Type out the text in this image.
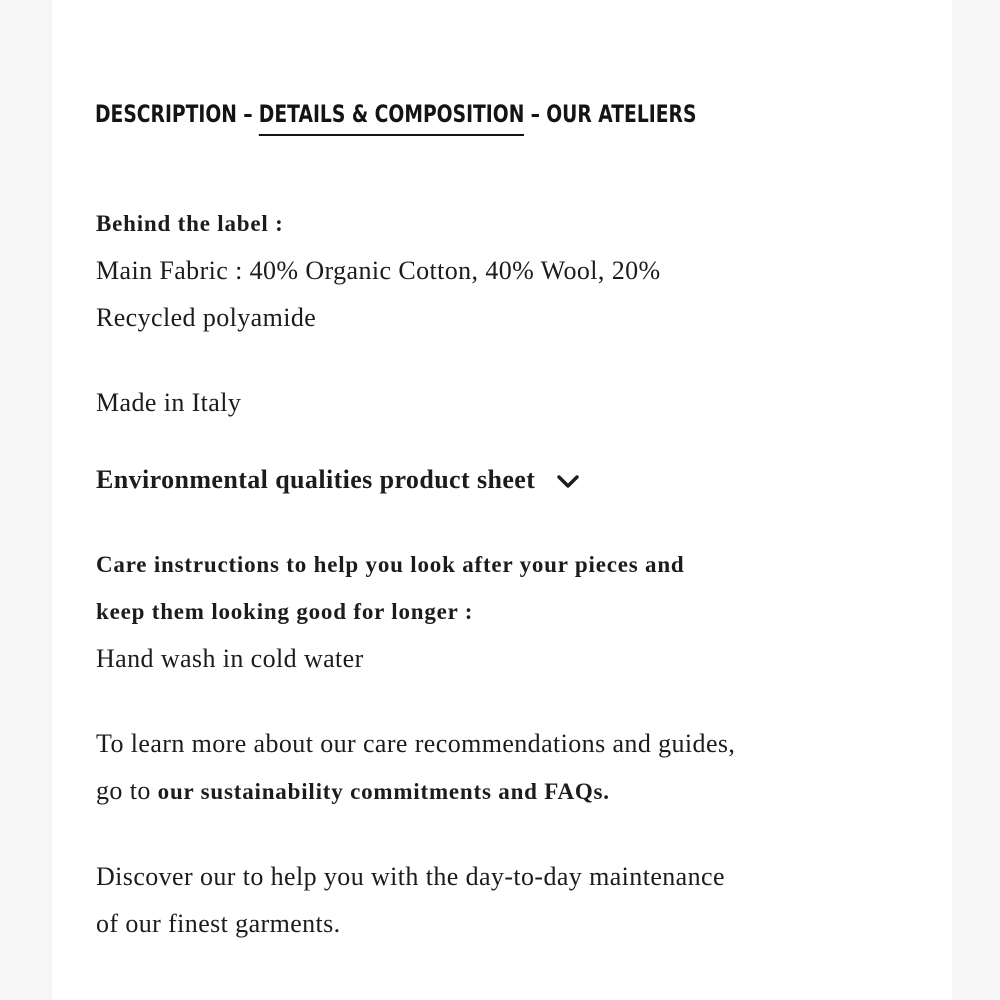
DESCRIPTION – DETAILS & COMPOSITION – OUR ATELIERS
Behind the label :
Main Fabric : 40% Organic Cotton, 40% Wool, 20%
Recycled polyamide
Made in Italy
Environmental qualities product sheet
Care instructions to help you look after your pieces and
keep them looking good for longer :
Hand wash in cold water
To learn more about our care recommendations and guides,
go to our sustainability commitments and FAQs.
Discover our to help you with the day-to-day maintenance
of our finest garments.
